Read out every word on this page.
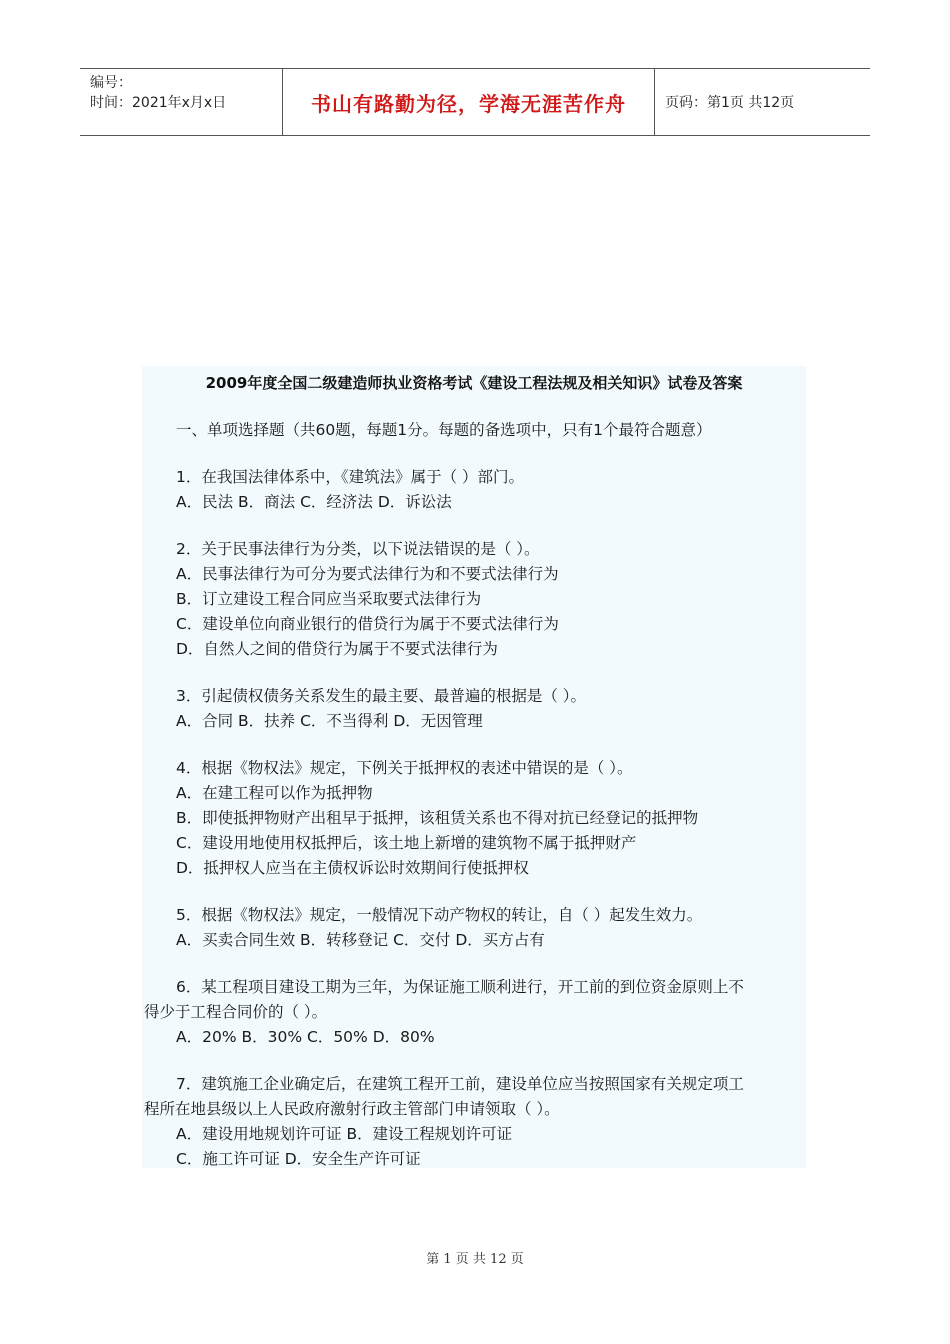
编号：
时间：2021年x月x日	书山有路勤为径，学海无涯苦作舟	页码：第1页 共12页
2009年度全国二级建造师执业资格考试《建设工程法规及相关知识》试卷及答案
一、单项选择题（共60题，每题1分。每题的备选项中，只有1个最符合题意）
1．在我国法律体系中，《建筑法》属于（ ）部门。
A．民法 B．商法 C．经济法 D．诉讼法
2．关于民事法律行为分类，以下说法错误的是（ ）。
A．民事法律行为可分为要式法律行为和不要式法律行为
B．订立建设工程合同应当采取要式法律行为
C．建设单位向商业银行的借贷行为属于不要式法律行为
D．自然人之间的借贷行为属于不要式法律行为
3．引起债权债务关系发生的最主要、最普遍的根据是（ ）。
A．合同 B．扶养 C．不当得利 D．无因管理
4．根据《物权法》规定，下例关于抵押权的表述中错误的是（ ）。
A．在建工程可以作为抵押物
B．即使抵押物财产出租早于抵押，该租赁关系也不得对抗已经登记的抵押物
C．建设用地使用权抵押后，该土地上新增的建筑物不属于抵押财产
D．抵押权人应当在主债权诉讼时效期间行使抵押权
5．根据《物权法》规定，一般情况下动产物权的转让，自（ ）起发生效力。
A．买卖合同生效 B．转移登记 C．交付 D．买方占有
6．某工程项目建设工期为三年，为保证施工顺利进行，开工前的到位资金原则上不
得少于工程合同价的（ ）。
A．20% B．30% C．50% D．80%
7．建筑施工企业确定后，在建筑工程开工前，建设单位应当按照国家有关规定项工
程所在地县级以上人民政府激射行政主管部门申请领取（ ）。
A．建设用地规划许可证 B．建设工程规划许可证
C．施工许可证 D．安全生产许可证
第 1 页 共 12 页
